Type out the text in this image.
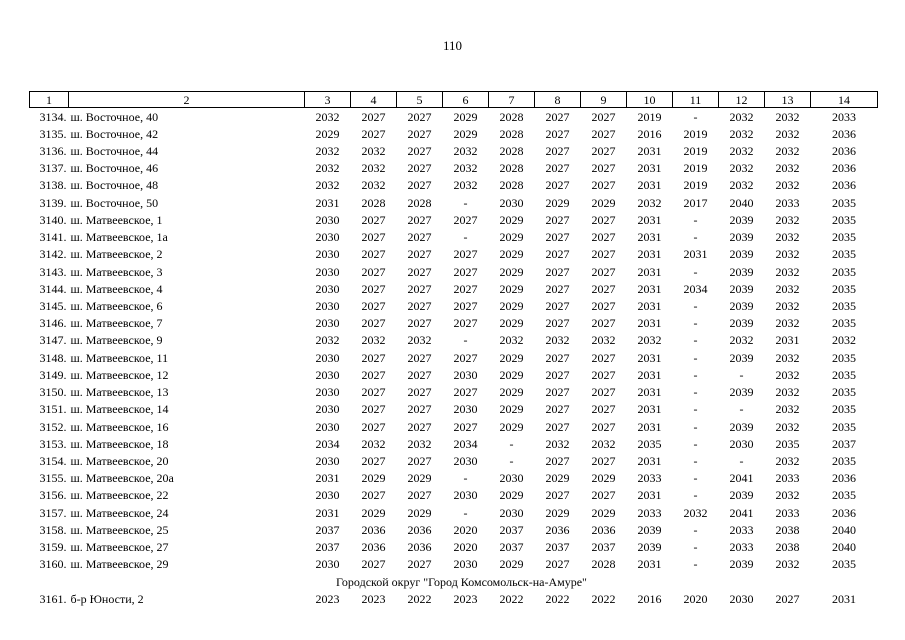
110
1	2	3	4	5	6	7	8	9	10	11	12	13	14
3134.	ш. Восточное, 40	2032	2027	2027	2029	2028	2027	2027	2019	-	2032	2032	2033
3135.	ш. Восточное, 42	2029	2027	2027	2029	2028	2027	2027	2016	2019	2032	2032	2036
3136.	ш. Восточное, 44	2032	2032	2027	2032	2028	2027	2027	2031	2019	2032	2032	2036
3137.	ш. Восточное, 46	2032	2032	2027	2032	2028	2027	2027	2031	2019	2032	2032	2036
3138.	ш. Восточное, 48	2032	2032	2027	2032	2028	2027	2027	2031	2019	2032	2032	2036
3139.	ш. Восточное, 50	2031	2028	2028	-	2030	2029	2029	2032	2017	2040	2033	2035
3140.	ш. Матвеевское, 1	2030	2027	2027	2027	2029	2027	2027	2031	-	2039	2032	2035
3141.	ш. Матвеевское, 1а	2030	2027	2027	-	2029	2027	2027	2031	-	2039	2032	2035
3142.	ш. Матвеевское, 2	2030	2027	2027	2027	2029	2027	2027	2031	2031	2039	2032	2035
3143.	ш. Матвеевское, 3	2030	2027	2027	2027	2029	2027	2027	2031	-	2039	2032	2035
3144.	ш. Матвеевское, 4	2030	2027	2027	2027	2029	2027	2027	2031	2034	2039	2032	2035
3145.	ш. Матвеевское, 6	2030	2027	2027	2027	2029	2027	2027	2031	-	2039	2032	2035
3146.	ш. Матвеевское, 7	2030	2027	2027	2027	2029	2027	2027	2031	-	2039	2032	2035
3147.	ш. Матвеевское, 9	2032	2032	2032	-	2032	2032	2032	2032	-	2032	2031	2032
3148.	ш. Матвеевское, 11	2030	2027	2027	2027	2029	2027	2027	2031	-	2039	2032	2035
3149.	ш. Матвеевское, 12	2030	2027	2027	2030	2029	2027	2027	2031	-	-	2032	2035
3150.	ш. Матвеевское, 13	2030	2027	2027	2027	2029	2027	2027	2031	-	2039	2032	2035
3151.	ш. Матвеевское, 14	2030	2027	2027	2030	2029	2027	2027	2031	-	-	2032	2035
3152.	ш. Матвеевское, 16	2030	2027	2027	2027	2029	2027	2027	2031	-	2039	2032	2035
3153.	ш. Матвеевское, 18	2034	2032	2032	2034	-	2032	2032	2035	-	2030	2035	2037
3154.	ш. Матвеевское, 20	2030	2027	2027	2030	-	2027	2027	2031	-	-	2032	2035
3155.	ш. Матвеевское, 20а	2031	2029	2029	-	2030	2029	2029	2033	-	2041	2033	2036
3156.	ш. Матвеевское, 22	2030	2027	2027	2030	2029	2027	2027	2031	-	2039	2032	2035
3157.	ш. Матвеевское, 24	2031	2029	2029	-	2030	2029	2029	2033	2032	2041	2033	2036
3158.	ш. Матвеевское, 25	2037	2036	2036	2020	2037	2036	2036	2039	-	2033	2038	2040
3159.	ш. Матвеевское, 27	2037	2036	2036	2020	2037	2037	2037	2039	-	2033	2038	2040
3160.	ш. Матвеевское, 29	2030	2027	2027	2030	2029	2027	2028	2031	-	2039	2032	2035
Городской округ "Город Комсомольск-на-Амуре"													
3161.	б-р Юности, 2	2023	2023	2022	2023	2022	2022	2022	2016	2020	2030	2027	2031
